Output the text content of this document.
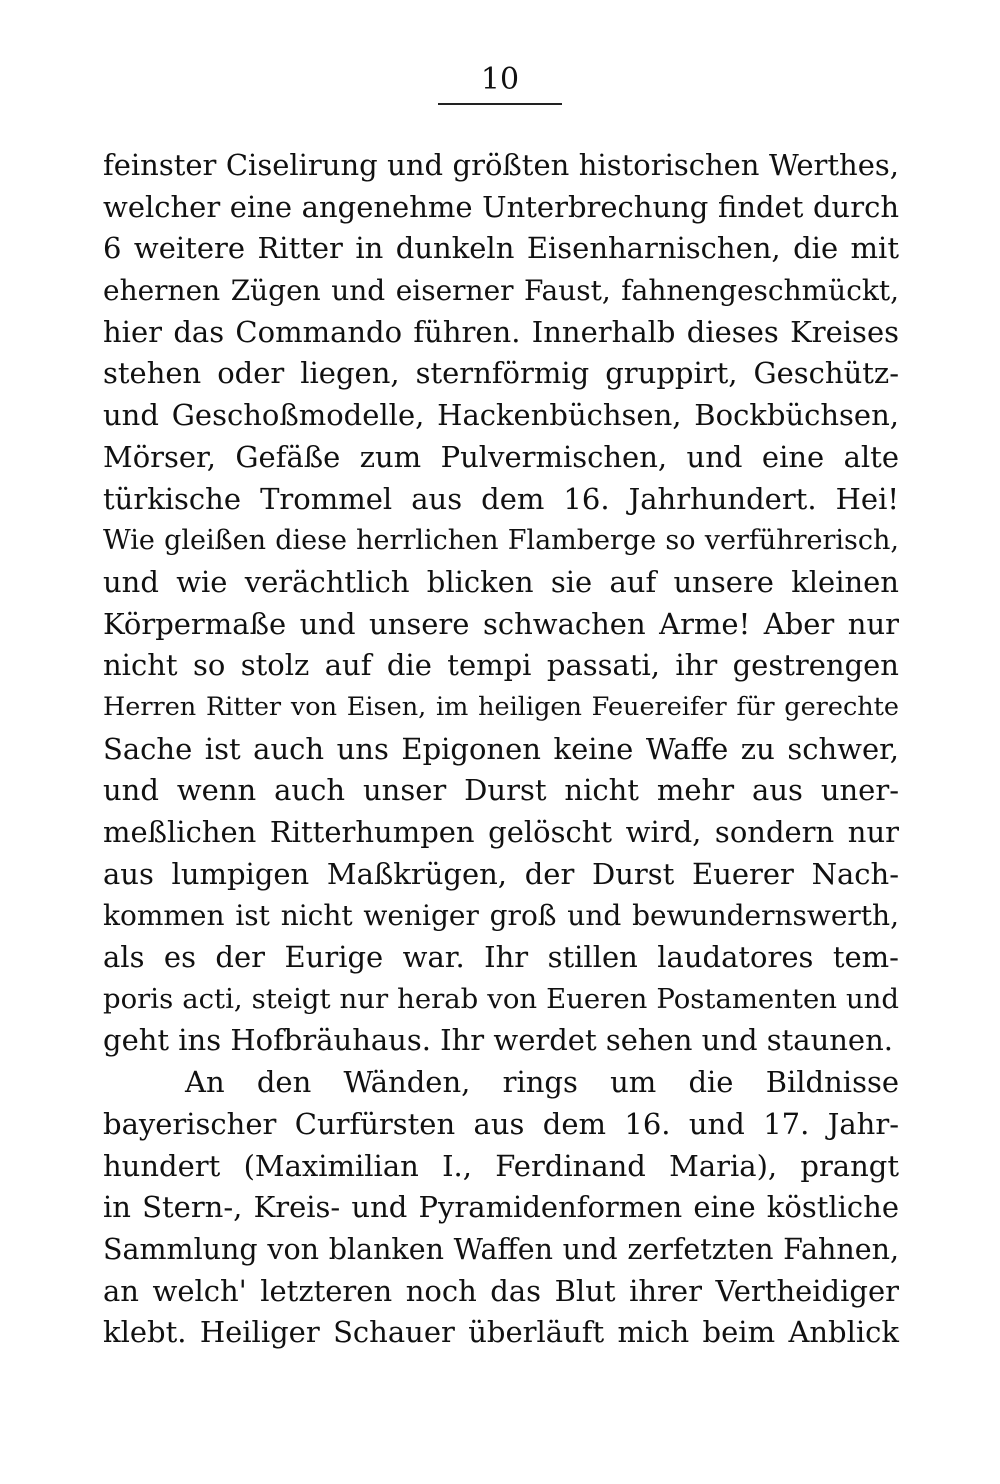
10
feinster Ciselirung und größten historischen Werthes,
welcher eine angenehme Unterbrechung findet durch
6 weitere Ritter in dunkeln Eisenharnischen, die mit
ehernen Zügen und eiserner Faust, fahnengeschmückt,
hier das Commando führen. Innerhalb dieses Kreises
stehen oder liegen, sternförmig gruppirt, Geschütz-
und Geschoßmodelle, Hackenbüchsen, Bockbüchsen,
Mörser, Gefäße zum Pulvermischen, und eine alte
türkische Trommel aus dem 16. Jahrhundert. Hei!
Wie gleißen diese herrlichen Flamberge so verführerisch,
und wie verächtlich blicken sie auf unsere kleinen
Körpermaße und unsere schwachen Arme! Aber nur
nicht so stolz auf die tempi passati, ihr gestrengen
Herren Ritter von Eisen, im heiligen Feuereifer für gerechte
Sache ist auch uns Epigonen keine Waffe zu schwer,
und wenn auch unser Durst nicht mehr aus uner-
meßlichen Ritterhumpen gelöscht wird, sondern nur
aus lumpigen Maßkrügen, der Durst Euerer Nach-
kommen ist nicht weniger groß und bewundernswerth,
als es der Eurige war. Ihr stillen laudatores tem-
poris acti, steigt nur herab von Eueren Postamenten und
geht ins Hofbräuhaus. Ihr werdet sehen und staunen.
An den Wänden, rings um die Bildnisse
bayerischer Curfürsten aus dem 16. und 17. Jahr-
hundert (Maximilian I., Ferdinand Maria), prangt
in Stern-, Kreis- und Pyramidenformen eine köstliche
Sammlung von blanken Waffen und zerfetzten Fahnen,
an welch' letzteren noch das Blut ihrer Vertheidiger
klebt. Heiliger Schauer überläuft mich beim Anblick
